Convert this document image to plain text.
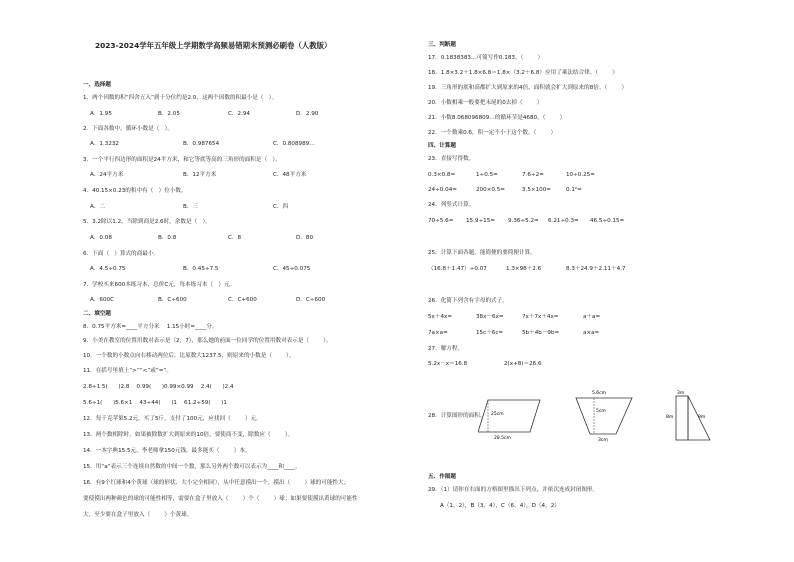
2023-2024学年五年级上学期数学高频易错期末预测必刷卷（人教版）
一、选择题
1．两个因数的积“四舍五入”到十分位约是2.0，这两个因数的积最小是（   ）。
A．1.95	B．2.05	C．2.94	D．2.90
2．下面各数中，循环小数是（   ）。
A．1.3232	B．0.987654	C．0.808989…
3．一个平行四边形的面积是24平方米，和它等底等高的三角形的面积是（   ）。
A．24平方米	B．12平方米	C．48平方米
4．40.15×0.23的积中有（   ）位小数。
A．二	B．三	C．四
5．3.2除以1.2，当除到商是2.6时，余数是（   ）。
A．0.08	B．0.8	C．8	D．80
6．下面（   ）算式的商最小。
A．4.5÷0.75	B．0.45÷7.5	C．45÷0.075
7．学校买来600本练习本，总价C元，每本练习本（   ）元。
A．600C	B．C÷600	C．C+600	D．C÷600
二、填空题
8．0.75平方米=____平方分米    1.15小时=____分。
9．小美在教室的位置用数对表示是（2，7），那么她的前面一位同学的位置用数对表示是（        ）。
10．一个数的小数点向右移动两位后，比原数大1237.5，则原来的小数是（        ）。
11．在括号里填上“>”“<”或“=”。
2.8÷1.5(      )2.8    0.99(      )0.99×0.99    2.4(      )2.4
5.6÷1(      )5.6×1    43÷44(      )1    61.2÷59(      )1
12．每千克苹果5.2元，买了5斤，支付了100元，应找回（        ）元。
13．两个数相除时，如果被除数扩大到原来的10倍，要使商不变，除数应（        ）。
14．一本字典15.5元，李老师拿150元钱，最多能买（        ）本。
15．用“a”表示三个连续自然数的中间一个数，那么另外两个数可以表示为____和____。
16．有9个红球和4个黄球（球的形状、大小完全相同），从中任意摸出一个，摸出（        ）球的可能性大；
要使摸出两种颜色的球的可能性相等，需要在盒子里放入（        ）个（        ）球；如果要使摸出黄球的可能性
大，至少要在盒子里放入（        ）个黄球。
三、判断题
17．0.1838383…可简写作0.1̇83̇。（        ）
18．1.8×3.2＋1.8×6.8＝1.8×（3.2＋6.8）应用了乘法结合律。（        ）
19．三角形的底和高都扩大到原来的4倍，面积就会扩大到原来的8倍。（        ）
20．小数相乘一般要把末尾的0去掉（        ）
21．小数8.068096809…的循环节是4680。（        ）
22．一个数乘0.6，积一定不小于这个数。（        ）
四、计算题
23．直接写得数。
0.3×0.8=	1÷0.5=	7.6÷2=	10÷0.25=
24÷0.04=	200×0.5=	3.5×100=	0.1²=
24．列竖式计算。
70÷5.6= 15.9÷15= 9.36÷5.2= 6.21÷0.3= 46.5÷0.15=
25．计算下面各题，能简便的要简便计算。
（16.8＋1.47）÷0.07	1.3×98＋2.6	8.3＋24.9＋2.11＋4.7
26．化简下列含有字母的式子。
5x＋4x=	38x－6x=	7x＋7x＋4x=	a＋a=
7a×a=	15c＋6c=	5b＋4b－9b=	a×a=
27．解方程。
5.2x－x＝16.8	2(x+8)＝26.6
28．计算图形的面积。 25cm
28.5cm
5.6cm
5cm
3cm
3m
8m	9m
五、作图题
29．（1）请你在右面的方格图里描出下列点，并依次连成封闭图形。
A（1，2），B（3，4），C（6，4），D（4，2）
